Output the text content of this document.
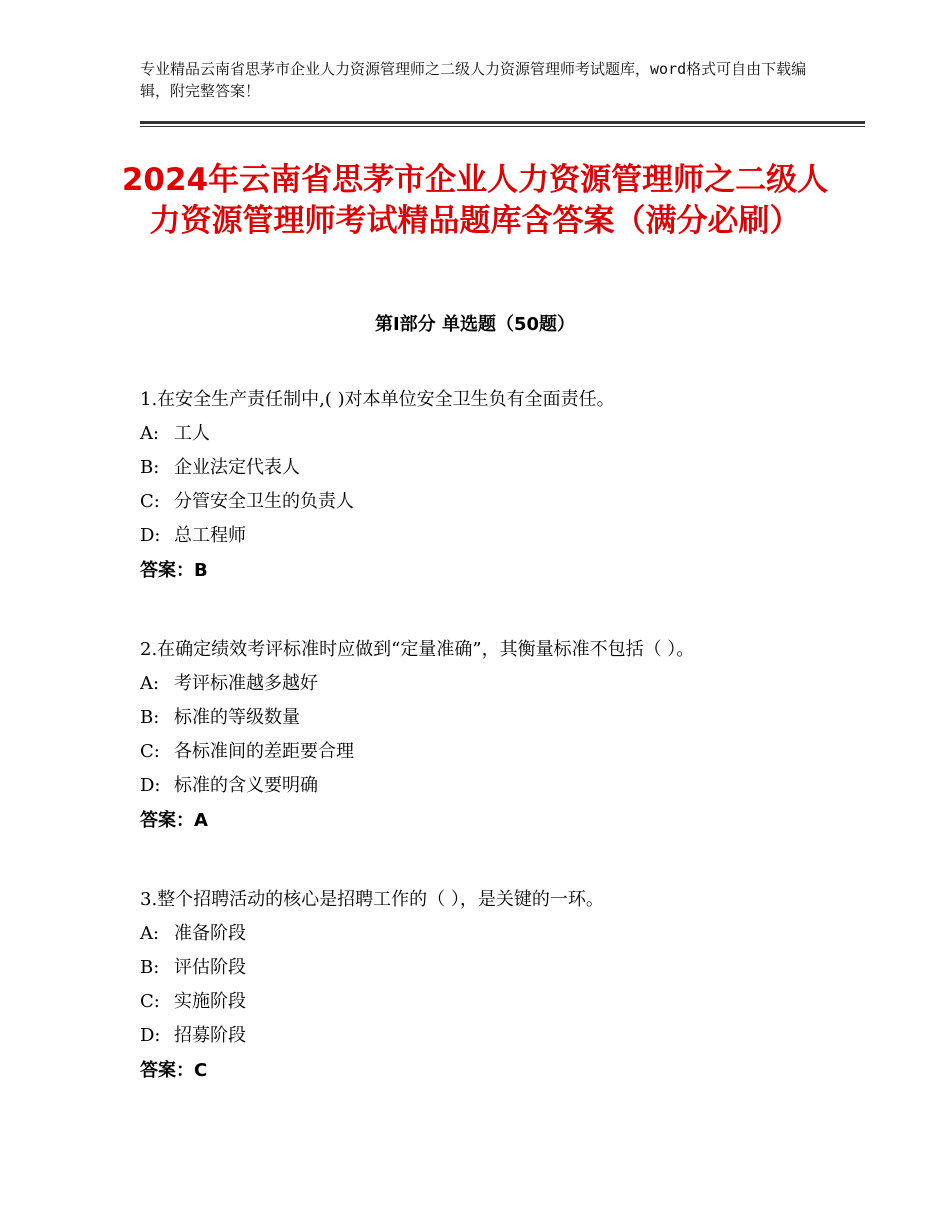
专业精品云南省思茅市企业人力资源管理师之二级人力资源管理师考试题库，word格式可自由下载编辑，附完整答案！
2024年云南省思茅市企业人力资源管理师之二级人力资源管理师考试精品题库含答案（满分必刷）
第Ⅰ部分 单选题（50题）

1.在安全生产责任制中,( )对本单位安全卫生负有全面责任。

A: 工人

B: 企业法定代表人

C: 分管安全卫生的负责人

D: 总工程师

答案：B

2.在确定绩效考评标准时应做到“定量准确”，其衡量标准不包括（ ）。

A: 考评标准越多越好

B: 标准的等级数量

C: 各标准间的差距要合理

D: 标准的含义要明确

答案：A

3.整个招聘活动的核心是招聘工作的（ ），是关键的一环。

A: 准备阶段

B: 评估阶段

C: 实施阶段

D: 招募阶段

答案：C
